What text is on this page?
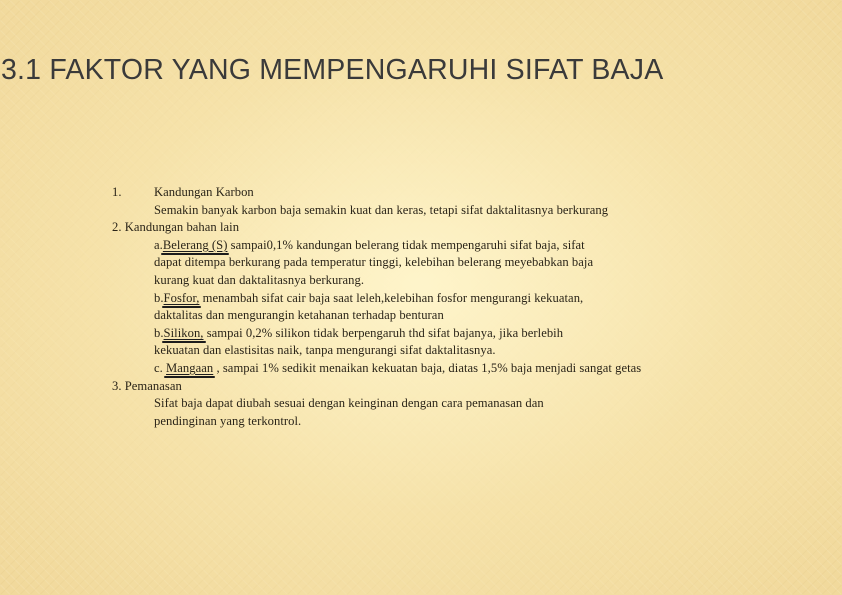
3.1 FAKTOR YANG MEMPENGARUHI SIFAT BAJA

1.	Kandungan Karbon

Semakin banyak karbon baja semakin kuat dan keras, tetapi sifat daktalitasnya berkurang

2. Kandungan bahan lain

a.Belerang (S) sampai0,1% kandungan belerang tidak mempengaruhi sifat baja, sifat

dapat ditempa berkurang pada temperatur tinggi, kelebihan belerang meyebabkan baja

kurang kuat dan daktalitasnya berkurang.

b.Fosfor, menambah sifat cair baja saat leleh,kelebihan fosfor mengurangi kekuatan,

daktalitas dan mengurangin ketahanan terhadap benturan

b.Silikon, sampai 0,2% silikon tidak berpengaruh thd sifat bajanya, jika berlebih

kekuatan dan elastisitas naik, tanpa mengurangi sifat daktalitasnya.

c. Mangaan , sampai 1% sedikit menaikan kekuatan baja, diatas 1,5% baja menjadi sangat getas

3. Pemanasan

Sifat baja dapat diubah sesuai dengan keinginan dengan cara pemanasan dan

pendinginan yang terkontrol.
